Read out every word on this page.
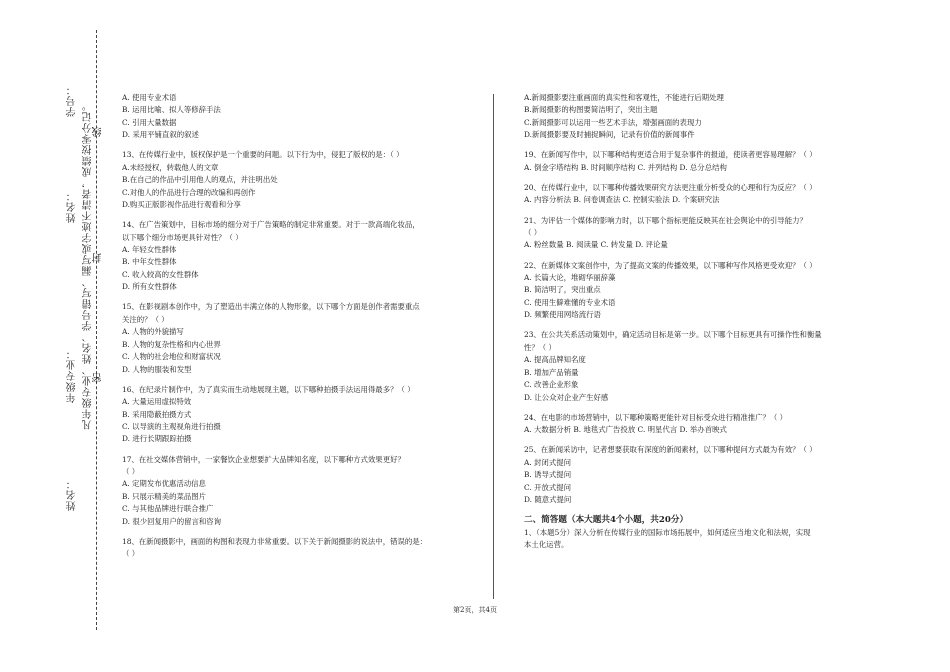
姓名：
年级专业： 凡年级专业、姓名、学号错写、漏写或字迹不清者，成绩按零分记。
姓名：
学号：
密
封
线

A. 使用专业术语

B. 运用比喻、拟人等修辞手法

C. 引用大量数据

D. 采用平铺直叙的叙述

13、在传媒行业中，版权保护是一个重要的问题。以下行为中，侵犯了版权的是：（ ）

A.未经授权，转载他人的文章

B.在自己的作品中引用他人的观点，并注明出处

C.对他人的作品进行合理的改编和再创作

D.购买正版影视作品进行观看和分享

14、在广告策划中，目标市场的细分对于广告策略的制定非常重要。对于一款高端化妆品，

以下哪个细分市场更具针对性？（ ）

A. 年轻女性群体

B. 中年女性群体

C. 收入较高的女性群体

D. 所有女性群体

15、在影视剧本创作中，为了塑造出丰满立体的人物形象，以下哪个方面是创作者需要重点

关注的？（ ）

A. 人物的外貌描写

B. 人物的复杂性格和内心世界

C. 人物的社会地位和财富状况

D. 人物的服装和发型

16、在纪录片制作中，为了真实而生动地展现主题，以下哪种拍摄手法运用得最多？（ ）

A. 大量运用虚拟特效

B. 采用隐蔽拍摄方式

C. 以导演的主观视角进行拍摄

D. 进行长期跟踪拍摄

17、在社交媒体营销中，一家餐饮企业想要扩大品牌知名度，以下哪种方式效果更好？

（ ）

A. 定期发布优惠活动信息

B. 只展示精美的菜品图片

C. 与其他品牌进行联合推广

D. 很少回复用户的留言和咨询

18、在新闻摄影中，画面的构图和表现力非常重要。以下关于新闻摄影的说法中，错误的是：

（ ）

A.新闻摄影要注重画面的真实性和客观性，不能进行后期处理

B.新闻摄影的构图要简洁明了，突出主题

C.新闻摄影可以运用一些艺术手法，增强画面的表现力

D.新闻摄影要及时捕捉瞬间，记录有价值的新闻事件

19、在新闻写作中，以下哪种结构更适合用于复杂事件的报道，使读者更容易理解？（ ）

A. 倒金字塔结构 B. 时间顺序结构 C. 并列结构 D. 总分总结构

20、在传媒行业中，以下哪种传播效果研究方法更注重分析受众的心理和行为反应？（ ）

A. 内容分析法 B. 问卷调查法 C. 控制实验法 D. 个案研究法

21、为评估一个媒体的影响力时，以下哪个指标更能反映其在社会舆论中的引导能力？

（ ）

A. 粉丝数量 B. 阅读量 C. 转发量 D. 评论量

22、在新媒体文案创作中，为了提高文案的传播效果，以下哪种写作风格更受欢迎？（ ）

A. 长篇大论，堆砌华丽辞藻

B. 简洁明了，突出重点

C. 使用生僻难懂的专业术语

D. 频繁使用网络流行语

23、在公共关系活动策划中，确定活动目标是第一步。以下哪个目标更具有可操作性和衡量

性？（ ）

A. 提高品牌知名度

B. 增加产品销量

C. 改善企业形象

D. 让公众对企业产生好感

24、在电影的市场营销中，以下哪种策略更能针对目标受众进行精准推广？（ ）

A. 大数据分析 B. 地毯式广告投放 C. 明星代言 D. 举办首映式

25、在新闻采访中，记者想要获取有深度的新闻素材，以下哪种提问方式最为有效？（ ）

A. 封闭式提问

B. 诱导式提问

C. 开放式提问

D. 随意式提问

二、简答题（本大题共4个小题，共20分）

1、（本题5分）深入分析在传媒行业的国际市场拓展中，如何适应当地文化和法规，实现

本土化运营。

第2页，共4页
